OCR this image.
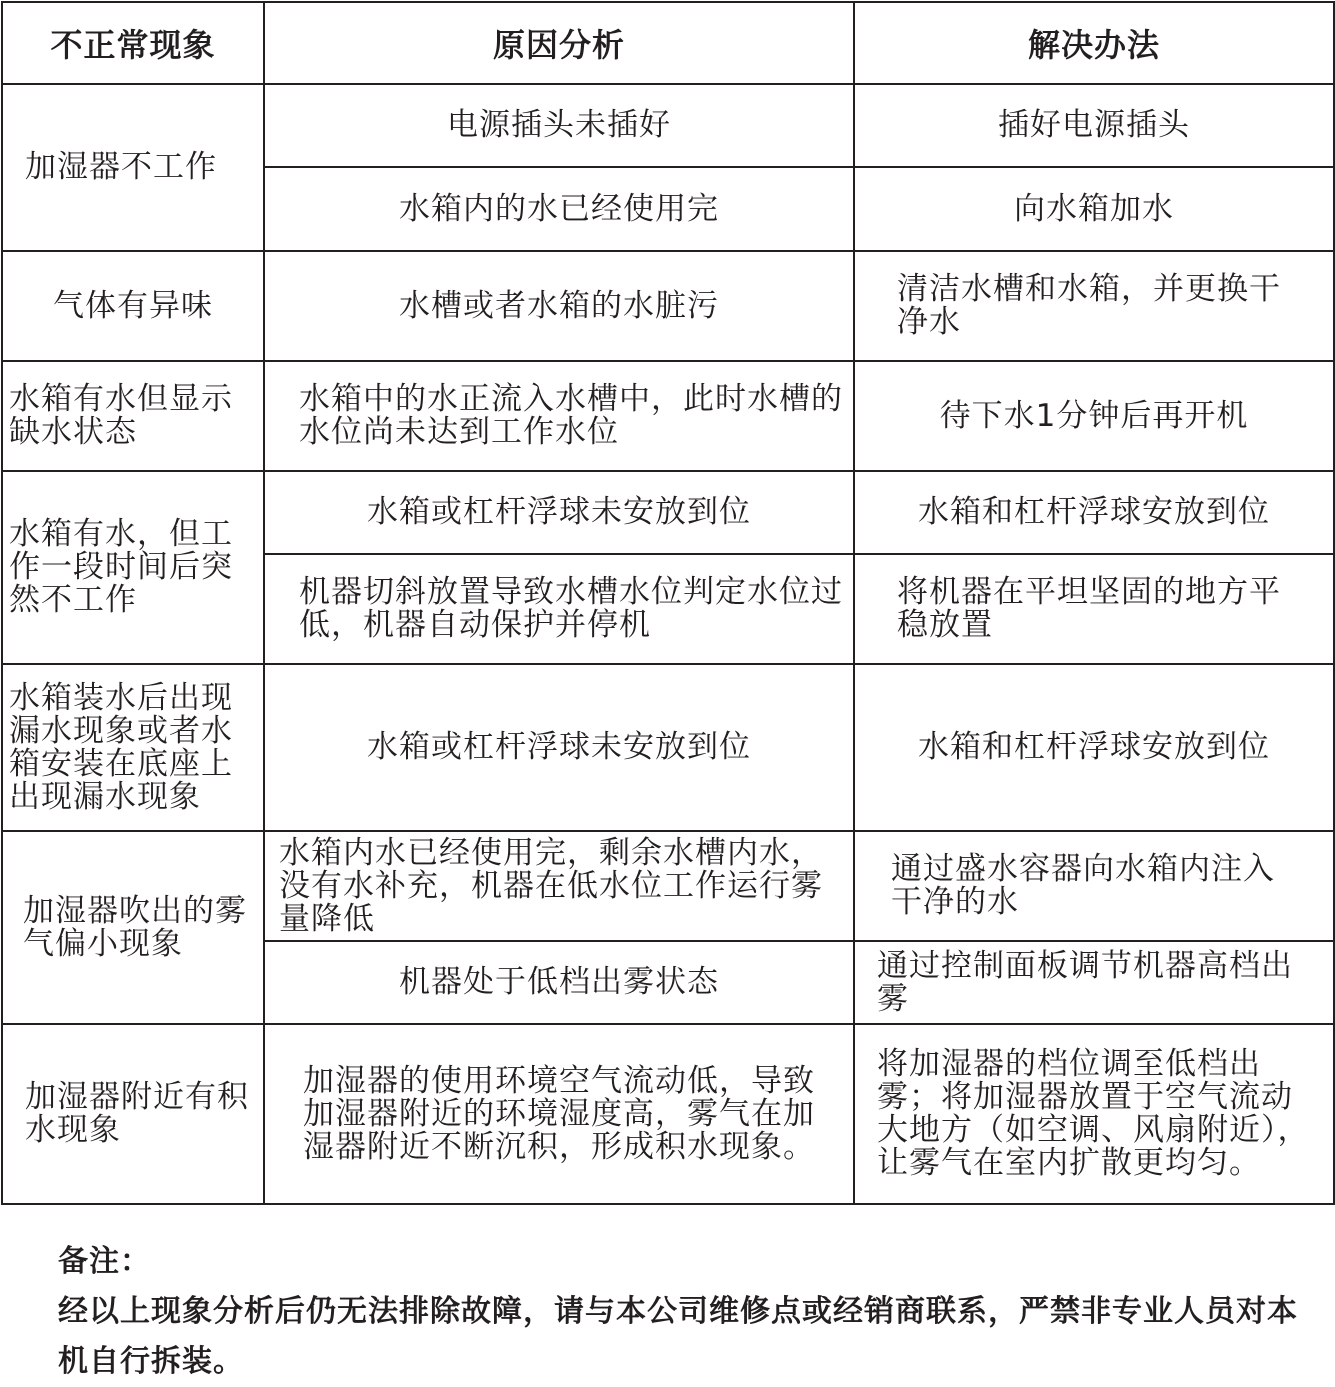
不正常现象	原因分析	解决办法
加湿器不工作	电源插头未插好	插好电源插头
	水箱内的水已经使用完	向水箱加水
气体有异味	水槽或者水箱的水脏污	清洁水槽和水箱，并更换干净水
水箱有水但显示缺水状态	水箱中的水正流入水槽中，此时水槽的水位尚未达到工作水位	待下水1分钟后再开机
水箱有水，但工作一段时间后突然不工作	水箱或杠杆浮球未安放到位	水箱和杠杆浮球安放到位
	机器切斜放置导致水槽水位判定水位过低，机器自动保护并停机	将机器在平坦坚固的地方平稳放置
水箱装水后出现漏水现象或者水箱安装在底座上出现漏水现象	水箱或杠杆浮球未安放到位	水箱和杠杆浮球安放到位
加湿器吹出的雾气偏小现象	水箱内水已经使用完，剩余水槽内水，没有水补充，机器在低水位工作运行雾量降低	通过盛水容器向水箱内注入干净的水
	机器处于低档出雾状态	通过控制面板调节机器高档出雾
加湿器附近有积水现象	加湿器的使用环境空气流动低，导致加湿器附近的环境湿度高，雾气在加湿器附近不断沉积，形成积水现象。	将加湿器的档位调至低档出雾；将加湿器放置于空气流动大地方（如空调、风扇附近），让雾气在室内扩散更均匀。

备注：

经以上现象分析后仍无法排除故障，请与本公司维修点或经销商联系，严禁非专业人员对本机自行拆装。
